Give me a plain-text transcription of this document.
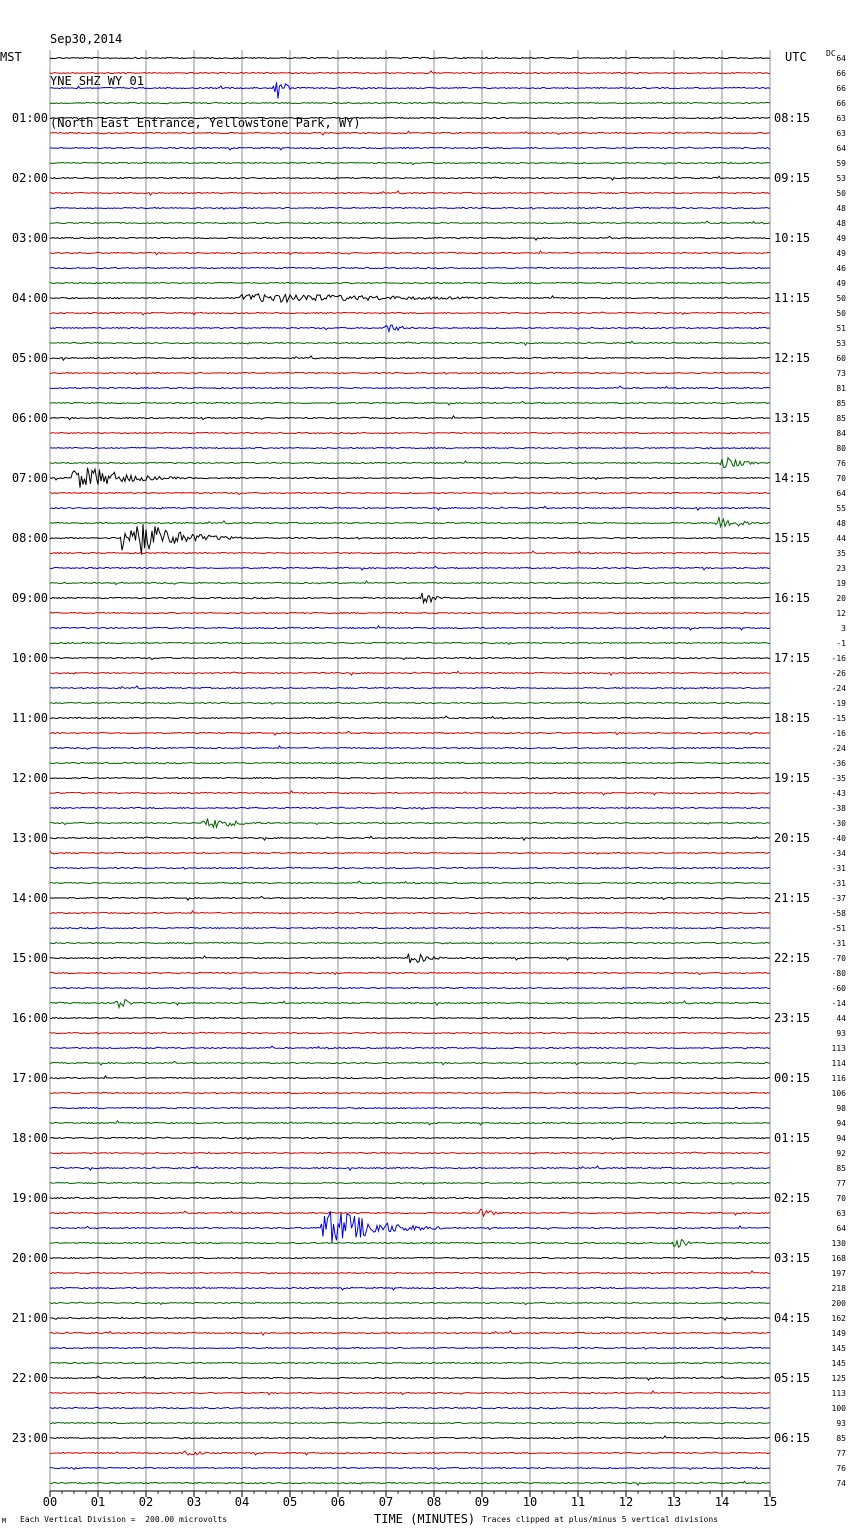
Sep30,2014

YNE SHZ WY 01

(North East Entrance, Yellowstone Park, WY)

MST	UTC DC
00	01	02	03	04	05	06	07	08	09	10	11	12	13	14	15
64
66
66
66
63
63
64
59
53
50
48
48
49
49
46
49
50
50
51
53
60
73
81
85
85
84
80
76
70
64
55
48
44
35
23
19
20
12
3
-1
-16
-26
-24
-19
-15
-16
-24
-36
-35
-43
-38
-30
-40
-34
-31
-31
-37
-58
-51
-31
-70
-80
-60
-14
44
93
113
114
116
106
98
94
94
92
85
77
70
63
64
130
168
197
218
200
162
149
145
145
125
113
100
93
85
77
76
74
01:00
02:00
03:00
04:00
05:00
06:00
07:00
08:00
09:00
10:00
11:00
12:00
13:00
14:00
15:00
16:00
17:00
18:00
19:00
20:00
21:00
22:00
23:00
08:15
09:15
10:15
11:15
12:15
13:15
14:15
15:15
16:15
17:15
18:15
19:15
20:15
21:15
22:15
23:15
00:15
01:15
02:15
03:15
04:15
05:15
06:15
M Each Vertical Division =  200.00 microvolts	TIME (MINUTES) Traces clipped at plus/minus 5 vertical divisions
